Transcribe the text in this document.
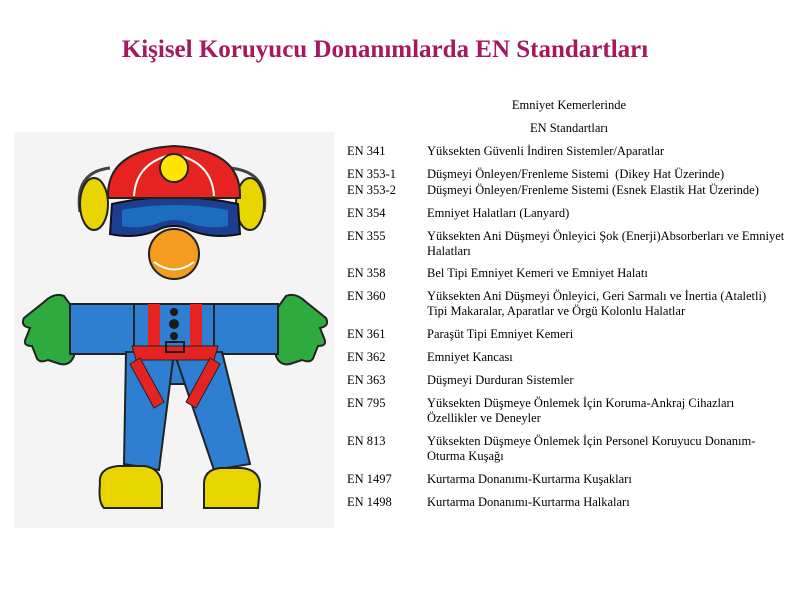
Kişisel Koruyucu Donanımlarda EN Standartları
Emniyet Kemerlerinde
EN Standartları
EN 341	Yüksekten Güvenli İndiren Sistemler/Aparatlar
EN 353-1	Düşmeyi Önleyen/Frenleme Sistemi  (Dikey Hat Üzerinde)
EN 353-2	Düşmeyi Önleyen/Frenleme Sistemi (Esnek Elastik Hat Üzerinde)
EN 354	Emniyet Halatları (Lanyard)
EN 355	Yüksekten Ani Düşmeyi Önleyici Şok (Enerji)Absorberları ve Emniyet Halatları
EN 358	Bel Tipi Emniyet Kemeri ve Emniyet Halatı
EN 360	Yüksekten Ani Düşmeyi Önleyici, Geri Sarmalı ve İnertia (Ataletli) Tipi Makaralar, Aparatlar ve Örgü Kolonlu Halatlar
EN 361	Paraşüt Tipi Emniyet Kemeri
EN 362	Emniyet Kancası
EN 363	Düşmeyi Durduran Sistemler
EN 795	Yüksekten Düşmeye Önlemek İçin Koruma-Ankraj Cihazları Özellikler ve Deneyler
EN 813	Yüksekten Düşmeye Önlemek İçin Personel Koruyucu Donanım-Oturma Kuşağı
EN 1497	Kurtarma Donanımı-Kurtarma Kuşakları
EN 1498	Kurtarma Donanımı-Kurtarma Halkaları
